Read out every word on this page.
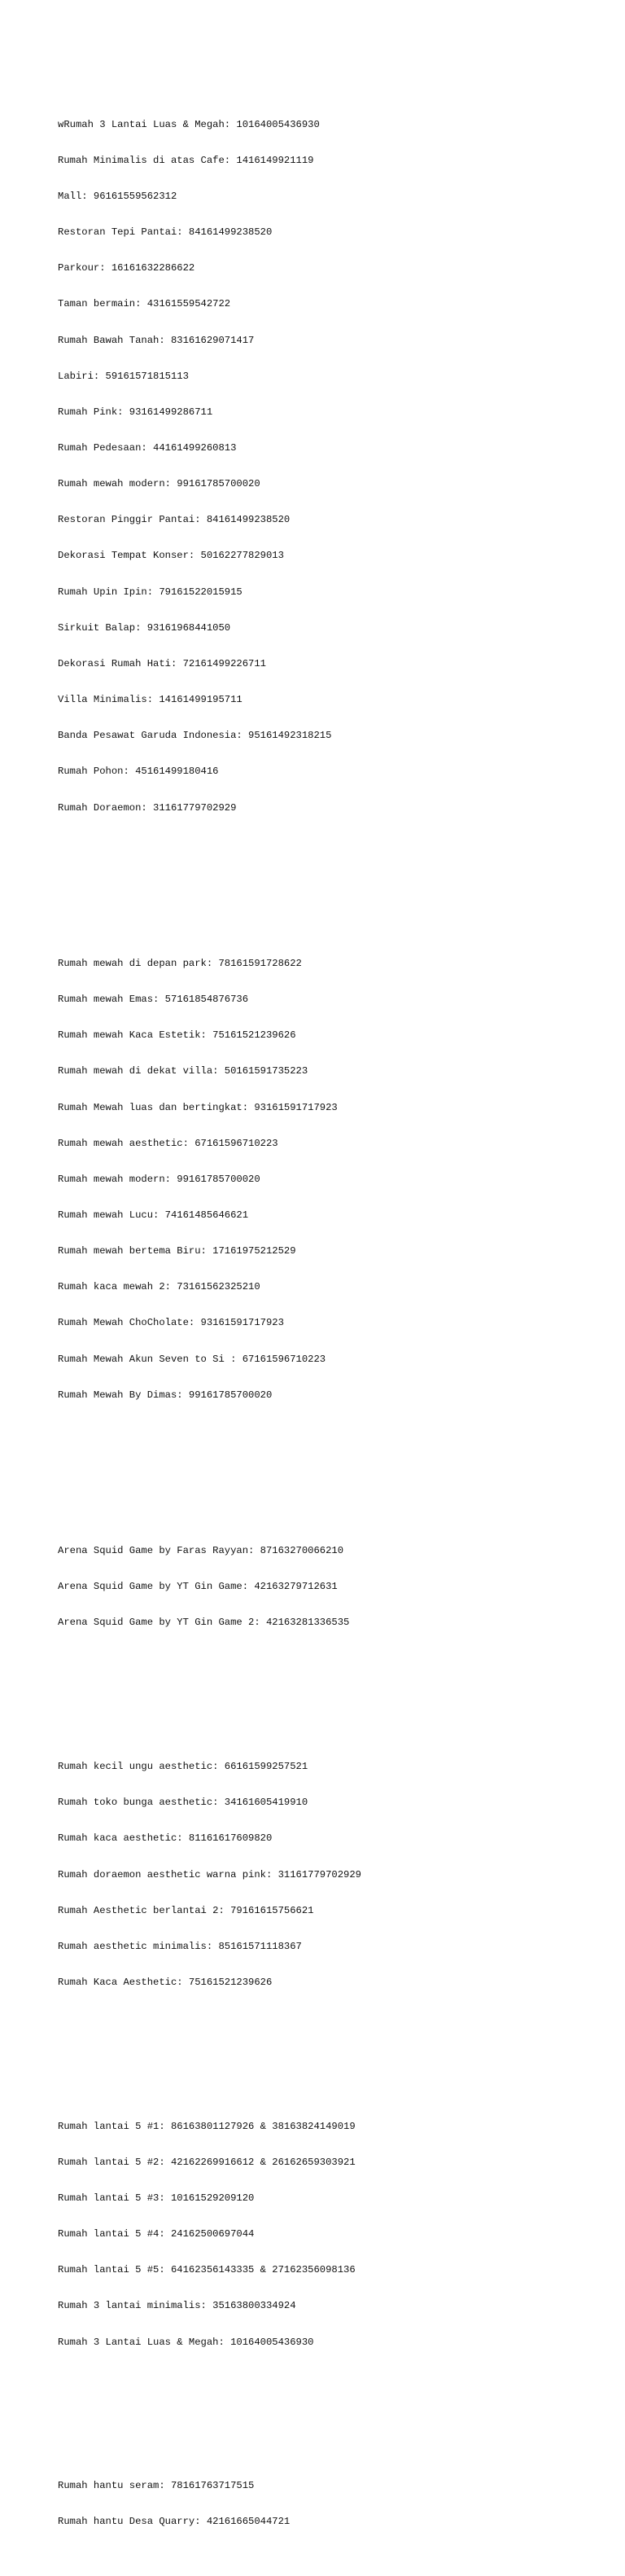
wRumah 3 Lantai Luas & Megah: 10164005436930

Rumah Minimalis di atas Cafe: 1416149921119

Mall: 96161559562312

Restoran Tepi Pantai: 84161499238520

Parkour: 16161632286622

Taman bermain: 43161559542722

Rumah Bawah Tanah: 83161629071417

Labiri: 59161571815113

Rumah Pink: 93161499286711

Rumah Pedesaan: 44161499260813

Rumah mewah modern: 99161785700020

Restoran Pinggir Pantai: 84161499238520

Dekorasi Tempat Konser: 50162277829013

Rumah Upin Ipin: 79161522015915

Sirkuit Balap: 93161968441050

Dekorasi Rumah Hati: 72161499226711

Villa Minimalis: 14161499195711

Banda Pesawat Garuda Indonesia: 95161492318215

Rumah Pohon: 45161499180416

Rumah Doraemon: 31161779702929

Rumah mewah di depan park: 78161591728622

Rumah mewah Emas: 57161854876736

Rumah mewah Kaca Estetik: 75161521239626

Rumah mewah di dekat villa: 50161591735223

Rumah Mewah luas dan bertingkat: 93161591717923

Rumah mewah aesthetic: 67161596710223

Rumah mewah modern: 99161785700020

Rumah mewah Lucu: 74161485646621

Rumah mewah bertema Biru: 17161975212529

Rumah kaca mewah 2: 73161562325210

Rumah Mewah ChoCholate: 93161591717923

Rumah Mewah Akun Seven to Si : 67161596710223

Rumah Mewah By Dimas: 99161785700020

Arena Squid Game by Faras Rayyan: 87163270066210

Arena Squid Game by YT Gin Game: 42163279712631

Arena Squid Game by YT Gin Game 2: 42163281336535

Rumah kecil ungu aesthetic: 66161599257521

Rumah toko bunga aesthetic: 34161605419910

Rumah kaca aesthetic: 81161617609820

Rumah doraemon aesthetic warna pink: 31161779702929

Rumah Aesthetic berlantai 2: 79161615756621

Rumah aesthetic minimalis: 85161571118367

Rumah Kaca Aesthetic: 75161521239626

Rumah lantai 5 #1: 86163801127926 & 38163824149019

Rumah lantai 5 #2: 42162269916612 & 26162659303921

Rumah lantai 5 #3: 10161529209120

Rumah lantai 5 #4: 24162500697044

Rumah lantai 5 #5: 64162356143335 & 27162356098136

Rumah 3 lantai minimalis: 35163800334924

Rumah 3 Lantai Luas & Megah: 10164005436930

Rumah hantu seram: 78161763717515

Rumah hantu Desa Quarry: 42161665044721
